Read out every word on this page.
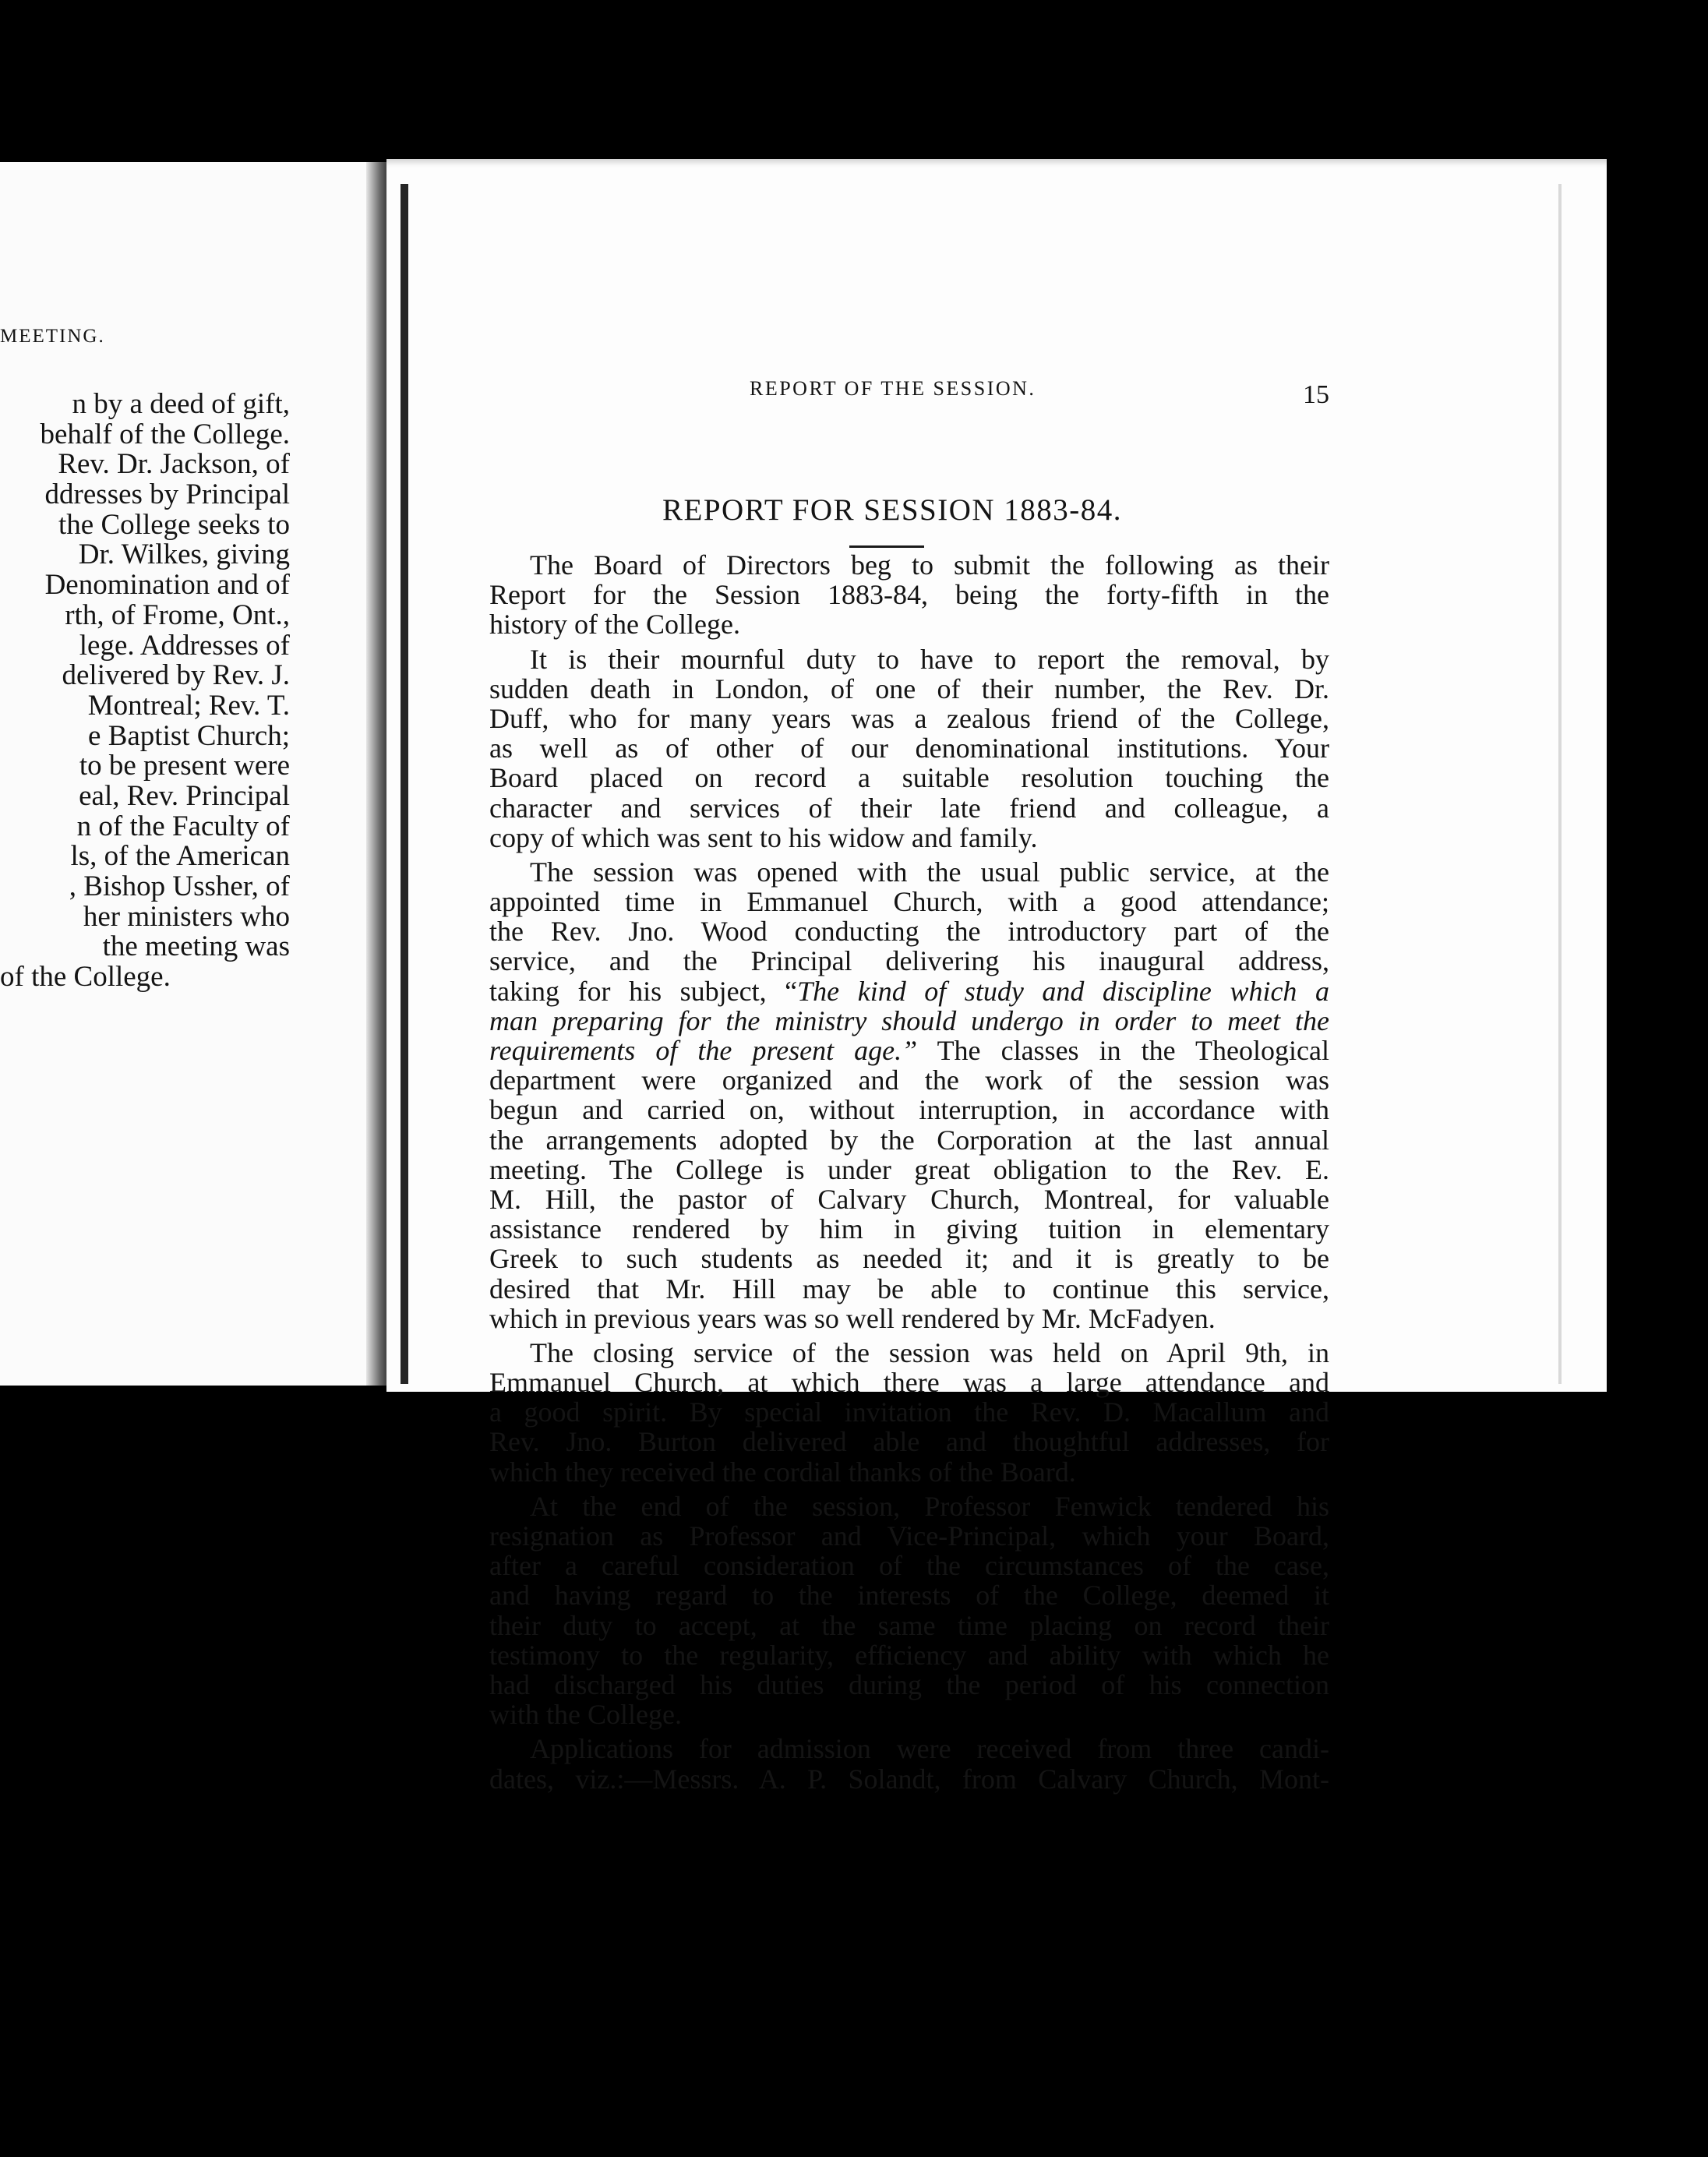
MEETING.
n by a deed of gift,
behalf of the College.
Rev. Dr. Jackson, of
ddresses by Principal
the College seeks to
Dr. Wilkes, giving
Denomination and of
rth, of Frome, Ont.,
lege. Addresses of
delivered by Rev. J.
Montreal; Rev. T.
e Baptist Church;
to be present were
eal, Rev. Principal
n of the Faculty of
ls, of the American
, Bishop Ussher, of
her ministers who
the meeting was
of the College.
REPORT OF THE SESSION.	15
REPORT FOR SESSION 1883-84.
The Board of Directors beg to submit the following as their
Report for the Session 1883-84, being the forty-fifth in the
history of the College.
It is their mournful duty to have to report the removal, by
sudden death in London, of one of their number, the Rev. Dr.
Duff, who for many years was a zealous friend of the College,
as well as of other of our denominational institutions. Your
Board placed on record a suitable resolution touching the
character and services of their late friend and colleague, a
copy of which was sent to his widow and family.
The session was opened with the usual public service, at the
appointed time in Emmanuel Church, with a good attendance;
the Rev. Jno. Wood conducting the introductory part of the
service, and the Principal delivering his inaugural address,
taking for his subject, “The kind of study and discipline which a
man preparing for the ministry should undergo in order to meet the
requirements of the present age.” The classes in the Theological
department were organized and the work of the session was
begun and carried on, without interruption, in accordance with
the arrangements adopted by the Corporation at the last annual
meeting. The College is under great obligation to the Rev. E.
M. Hill, the pastor of Calvary Church, Montreal, for valuable
assistance rendered by him in giving tuition in elementary
Greek to such students as needed it; and it is greatly to be
desired that Mr. Hill may be able to continue this service,
which in previous years was so well rendered by Mr. McFadyen.
The closing service of the session was held on April 9th, in
Emmanuel Church, at which there was a large attendance and
a good spirit. By special invitation the Rev. D. Macallum and
Rev. Jno. Burton delivered able and thoughtful addresses, for
which they received the cordial thanks of the Board.
At the end of the session, Professor Fenwick tendered his
resignation as Professor and Vice-Principal, which your Board,
after a careful consideration of the circumstances of the case,
and having regard to the interests of the College, deemed it
their duty to accept, at the same time placing on record their
testimony to the regularity, efficiency and ability with which he
had discharged his duties during the period of his connection
with the College.
Applications for admission were received from three candi-
dates, viz.:—Messrs. A. P. Solandt, from Calvary Church, Mont-
